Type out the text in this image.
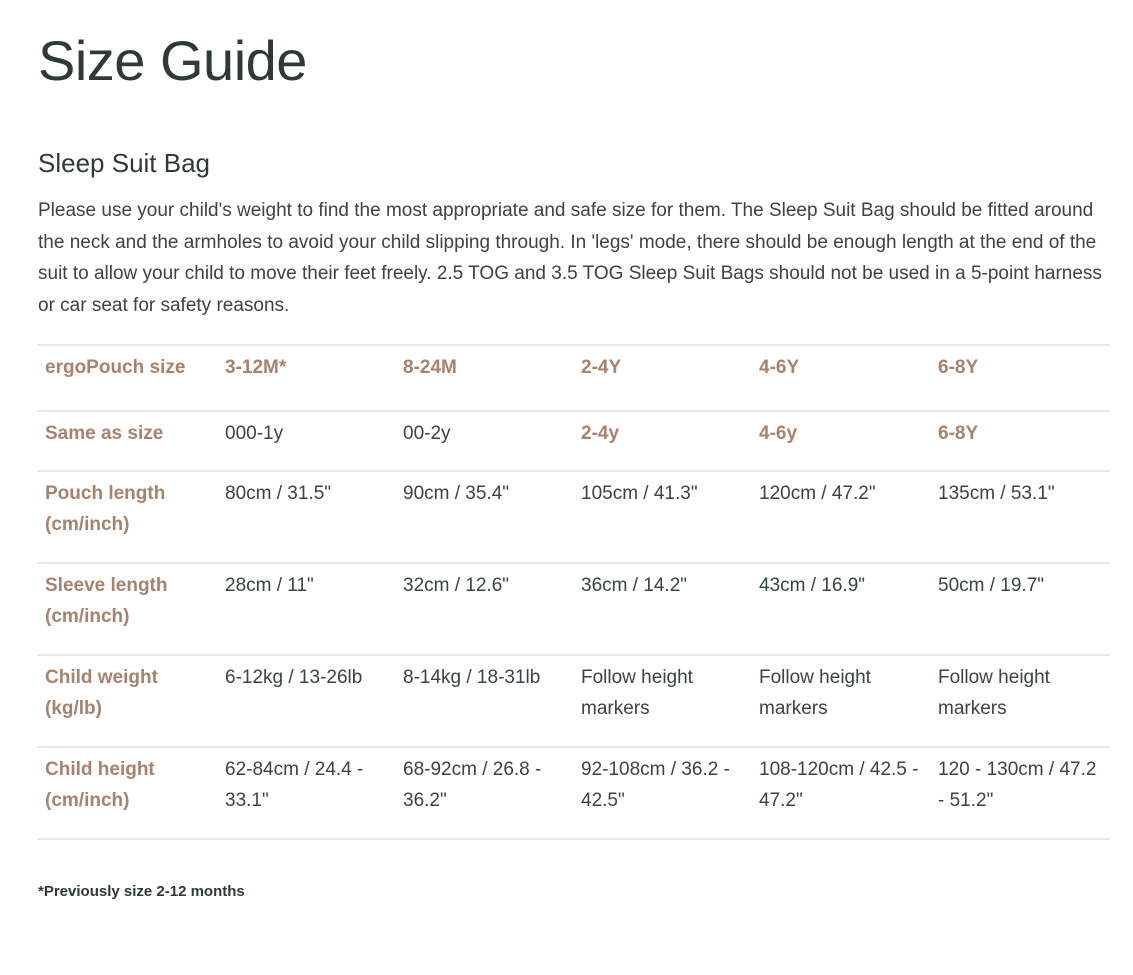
Size Guide
Sleep Suit Bag

Please use your child's weight to find the most appropriate and safe size for them. The Sleep Suit Bag should be fitted around the neck and the armholes to avoid your child slipping through. In 'legs' mode, there should be enough length at the end of the suit to allow your child to move their feet freely. 2.5 TOG and 3.5 TOG Sleep Suit Bags should not be used in a 5-point harness or car seat for safety reasons.

ergoPouch size	3-12M*	8-24M	2-4Y	4-6Y	6-8Y
Same as size	000-1y	00-2y	2-4y	4-6y	6-8Y
Pouch length (cm/inch)	80cm / 31.5"	90cm / 35.4"	105cm / 41.3"	120cm / 47.2"	135cm / 53.1"
Sleeve length (cm/inch)	28cm / 11"	32cm / 12.6"	36cm / 14.2"	43cm / 16.9"	50cm / 19.7"
Child weight (kg/lb)	6-12kg / 13-26lb	8-14kg / 18-31lb	Follow height markers	Follow height markers	Follow height markers
Child height (cm/inch)	62-84cm / 24.4 - 33.1"	68-92cm / 26.8 - 36.2"	92-108cm / 36.2 - 42.5"	108-120cm / 42.5 - 47.2"	120 - 130cm / 47.2 - 51.2"

*Previously size 2-12 months
